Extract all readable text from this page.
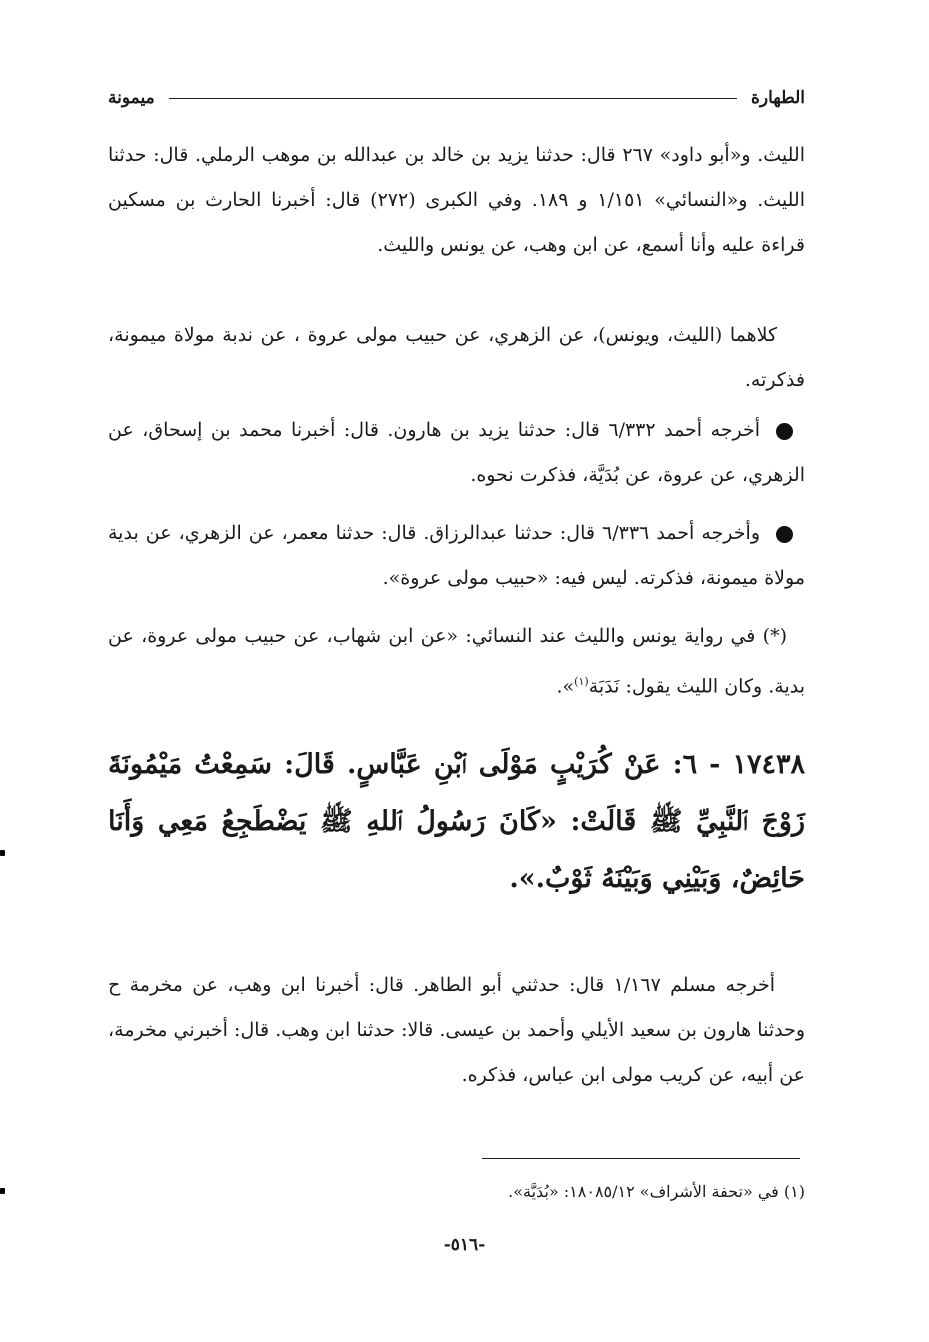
الطهارة
ميمونة
الليث. و«أبو داود» ٢٦٧ قال: حدثنا يزيد بن خالد بن عبدالله بن موهب الرملي. قال: حدثنا الليث. و«النسائي» ١/١٥١ و ١٨٩. وفي الكبرى (٢٧٢) قال: أخبرنا الحارث بن مسكين قراءة عليه وأنا أسمع، عن ابن وهب، عن يونس والليث.
كلاهما (الليث، ويونس)، عن الزهري، عن حبيب مولى عروة ، عن ندبة مولاة ميمونة، فذكرته.
أخرجه أحمد ٦/٣٣٢ قال: حدثنا يزيد بن هارون. قال: أخبرنا محمد بن إسحاق، عن الزهري، عن عروة، عن بُدَيَّة، فذكرت نحوه.
وأخرجه أحمد ٦/٣٣٦ قال: حدثنا عبدالرزاق. قال: حدثنا معمر، عن الزهري، عن بدية مولاة ميمونة، فذكرته. ليس فيه: «حبيب مولى عروة».
(*) في رواية يونس والليث عند النسائي: «عن ابن شهاب، عن حبيب مولى عروة، عن بدية. وكان الليث يقول: نَدَبَة$^{(١)}$».
١٧٤٣٨ - ٦: عَنْ كُرَيْبٍ مَوْلَى ٱبْنِ عَبَّاسٍ. قَالَ: سَمِعْتُ مَيْمُونَةَ زَوْجَ ٱلنَّبِيِّ ﷺ قَالَتْ: «كَانَ رَسُولُ ٱللهِ ﷺ يَضْطَجِعُ مَعِي وَأَنَا حَائِضٌ، وَبَيْنِي وَبَيْنَهُ ثَوْبٌ.».
أخرجه مسلم ١/١٦٧ قال: حدثني أبو الطاهر. قال: أخبرنا ابن وهب، عن مخرمة ح وحدثنا هارون بن سعيد الأيلي وأحمد بن عيسى. قالا: حدثنا ابن وهب. قال: أخبرني مخرمة، عن أبيه، عن كريب مولى ابن عباس، فذكره.
(١) في «تحفة الأشراف» ١٨٠٨٥/١٢: «بُدَيَّة».
-٥١٦-
